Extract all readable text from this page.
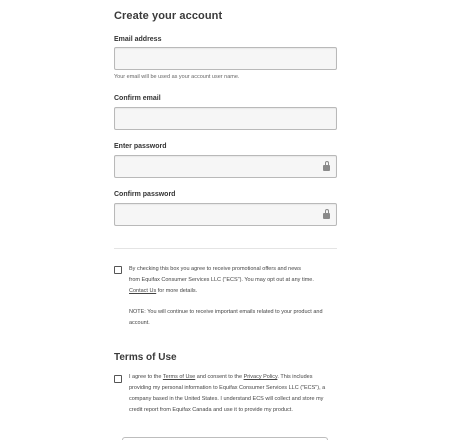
Create your account
Email address
Your email will be used as your account user name.
Confirm email
Enter password
Confirm password
By checking this box you agree to receive promotional offers and news
from Equifax Consumer Services LLC ("ECS"). You may opt out at any time.
Contact Us for more details.
NOTE: You will continue to receive important emails related to your product and
account.
Terms of Use
I agree to the Terms of Use and consent to the Privacy Policy. This includes
providing my personal information to Equifax Consumer Services LLC ("ECS"), a
company based in the United States. I understand ECS will collect and store my
credit report from Equifax Canada and use it to provide my product.
